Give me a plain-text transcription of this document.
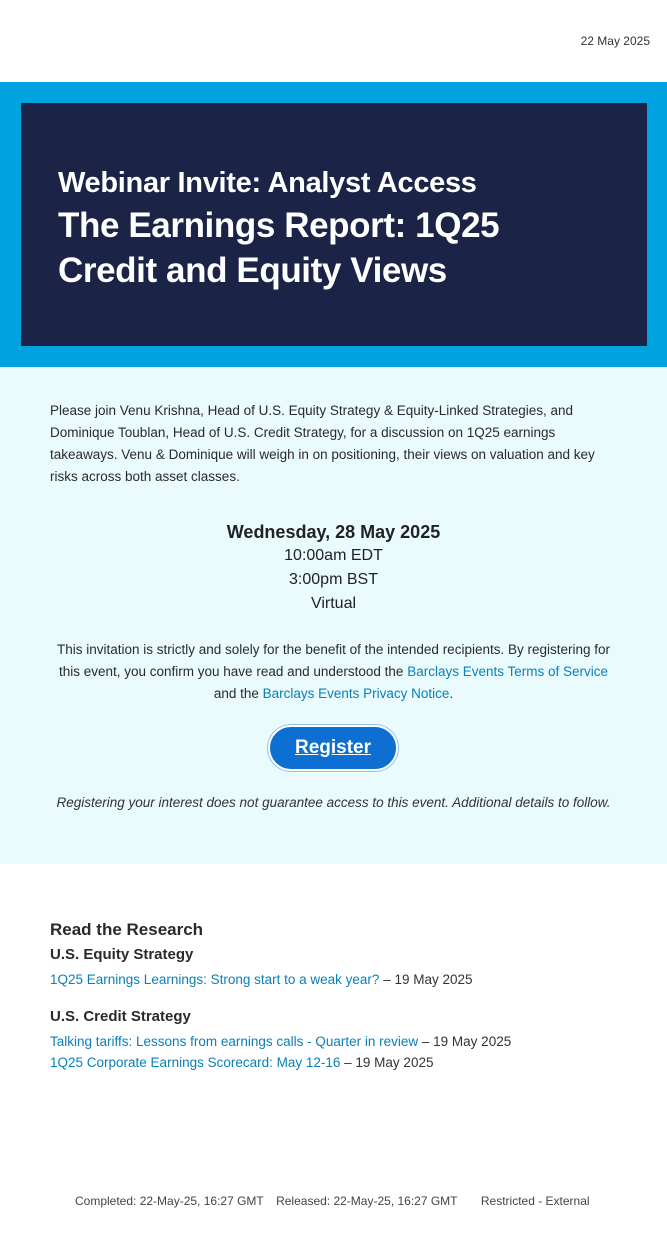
22 May 2025
Webinar Invite: Analyst Access
The Earnings Report: 1Q25
Credit and Equity Views

Please join Venu Krishna, Head of U.S. Equity Strategy & Equity-Linked Strategies, and Dominique Toublan, Head of U.S. Credit Strategy, for a discussion on 1Q25 earnings takeaways. Venu & Dominique will weigh in on positioning, their views on valuation and key risks across both asset classes.

Wednesday, 28 May 2025
10:00am EDT
3:00pm BST
Virtual

This invitation is strictly and solely for the benefit of the intended recipients. By registering for this event, you confirm you have read and understood the Barclays Events Terms of Service and the Barclays Events Privacy Notice.

Register

Registering your interest does not guarantee access to this event. Additional details to follow.

Read the Research
U.S. Equity Strategy
1Q25 Earnings Learnings: Strong start to a weak year? – 19 May 2025
U.S. Credit Strategy
Talking tariffs: Lessons from earnings calls - Quarter in review – 19 May 2025
1Q25 Corporate Earnings Scorecard: May 12-16 – 19 May 2025
Completed: 22-May-25, 16:27 GMT Released: 22-May-25, 16:27 GMT Restricted - External
